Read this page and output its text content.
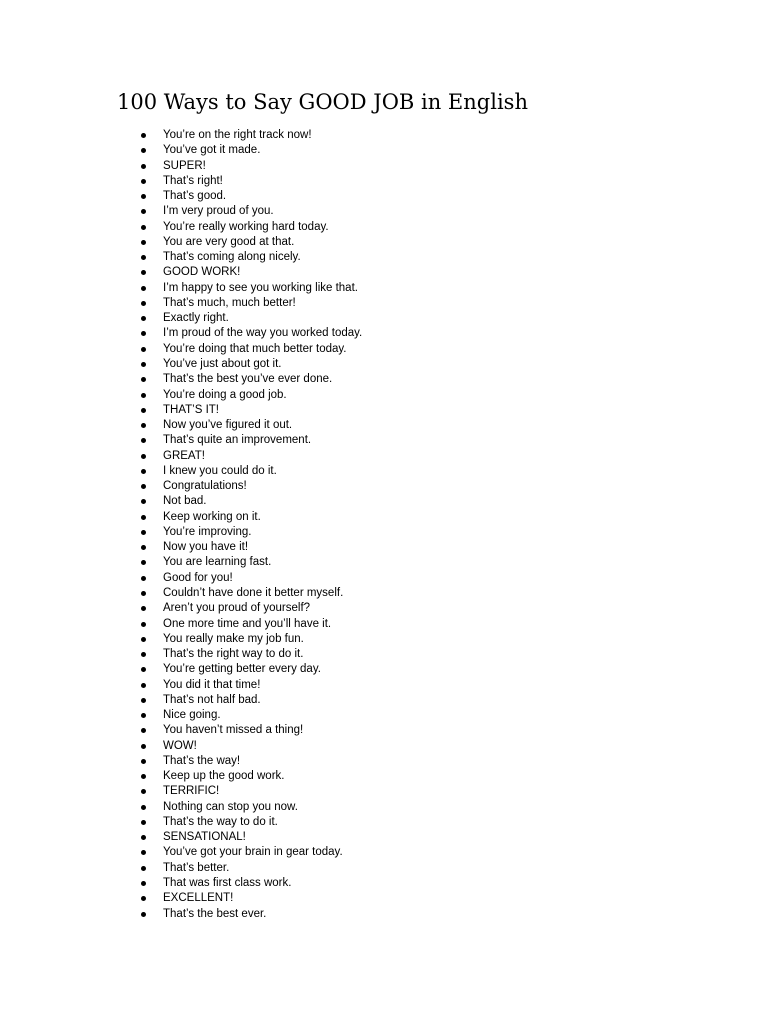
100 Ways to Say GOOD JOB in English
You’re on the right track now!
You’ve got it made.
SUPER!
That’s right!
That’s good.
I’m very proud of you.
You’re really working hard today.
You are very good at that.
That’s coming along nicely.
GOOD WORK!
I’m happy to see you working like that.
That’s much, much better!
Exactly right.
I’m proud of the way you worked today.
You’re doing that much better today.
You’ve just about got it.
That’s the best you’ve ever done.
You’re doing a good job.
THAT’S IT!
Now you’ve figured it out.
That’s quite an improvement.
GREAT!
I knew you could do it.
Congratulations!
Not bad.
Keep working on it.
You’re improving.
Now you have it!
You are learning fast.
Good for you!
Couldn’t have done it better myself.
Aren’t you proud of yourself?
One more time and you’ll have it.
You really make my job fun.
That’s the right way to do it.
You’re getting better every day.
You did it that time!
That’s not half bad.
Nice going.
You haven’t missed a thing!
WOW!
That’s the way!
Keep up the good work.
TERRIFIC!
Nothing can stop you now.
That’s the way to do it.
SENSATIONAL!
You’ve got your brain in gear today.
That’s better.
That was first class work.
EXCELLENT!
That’s the best ever.
